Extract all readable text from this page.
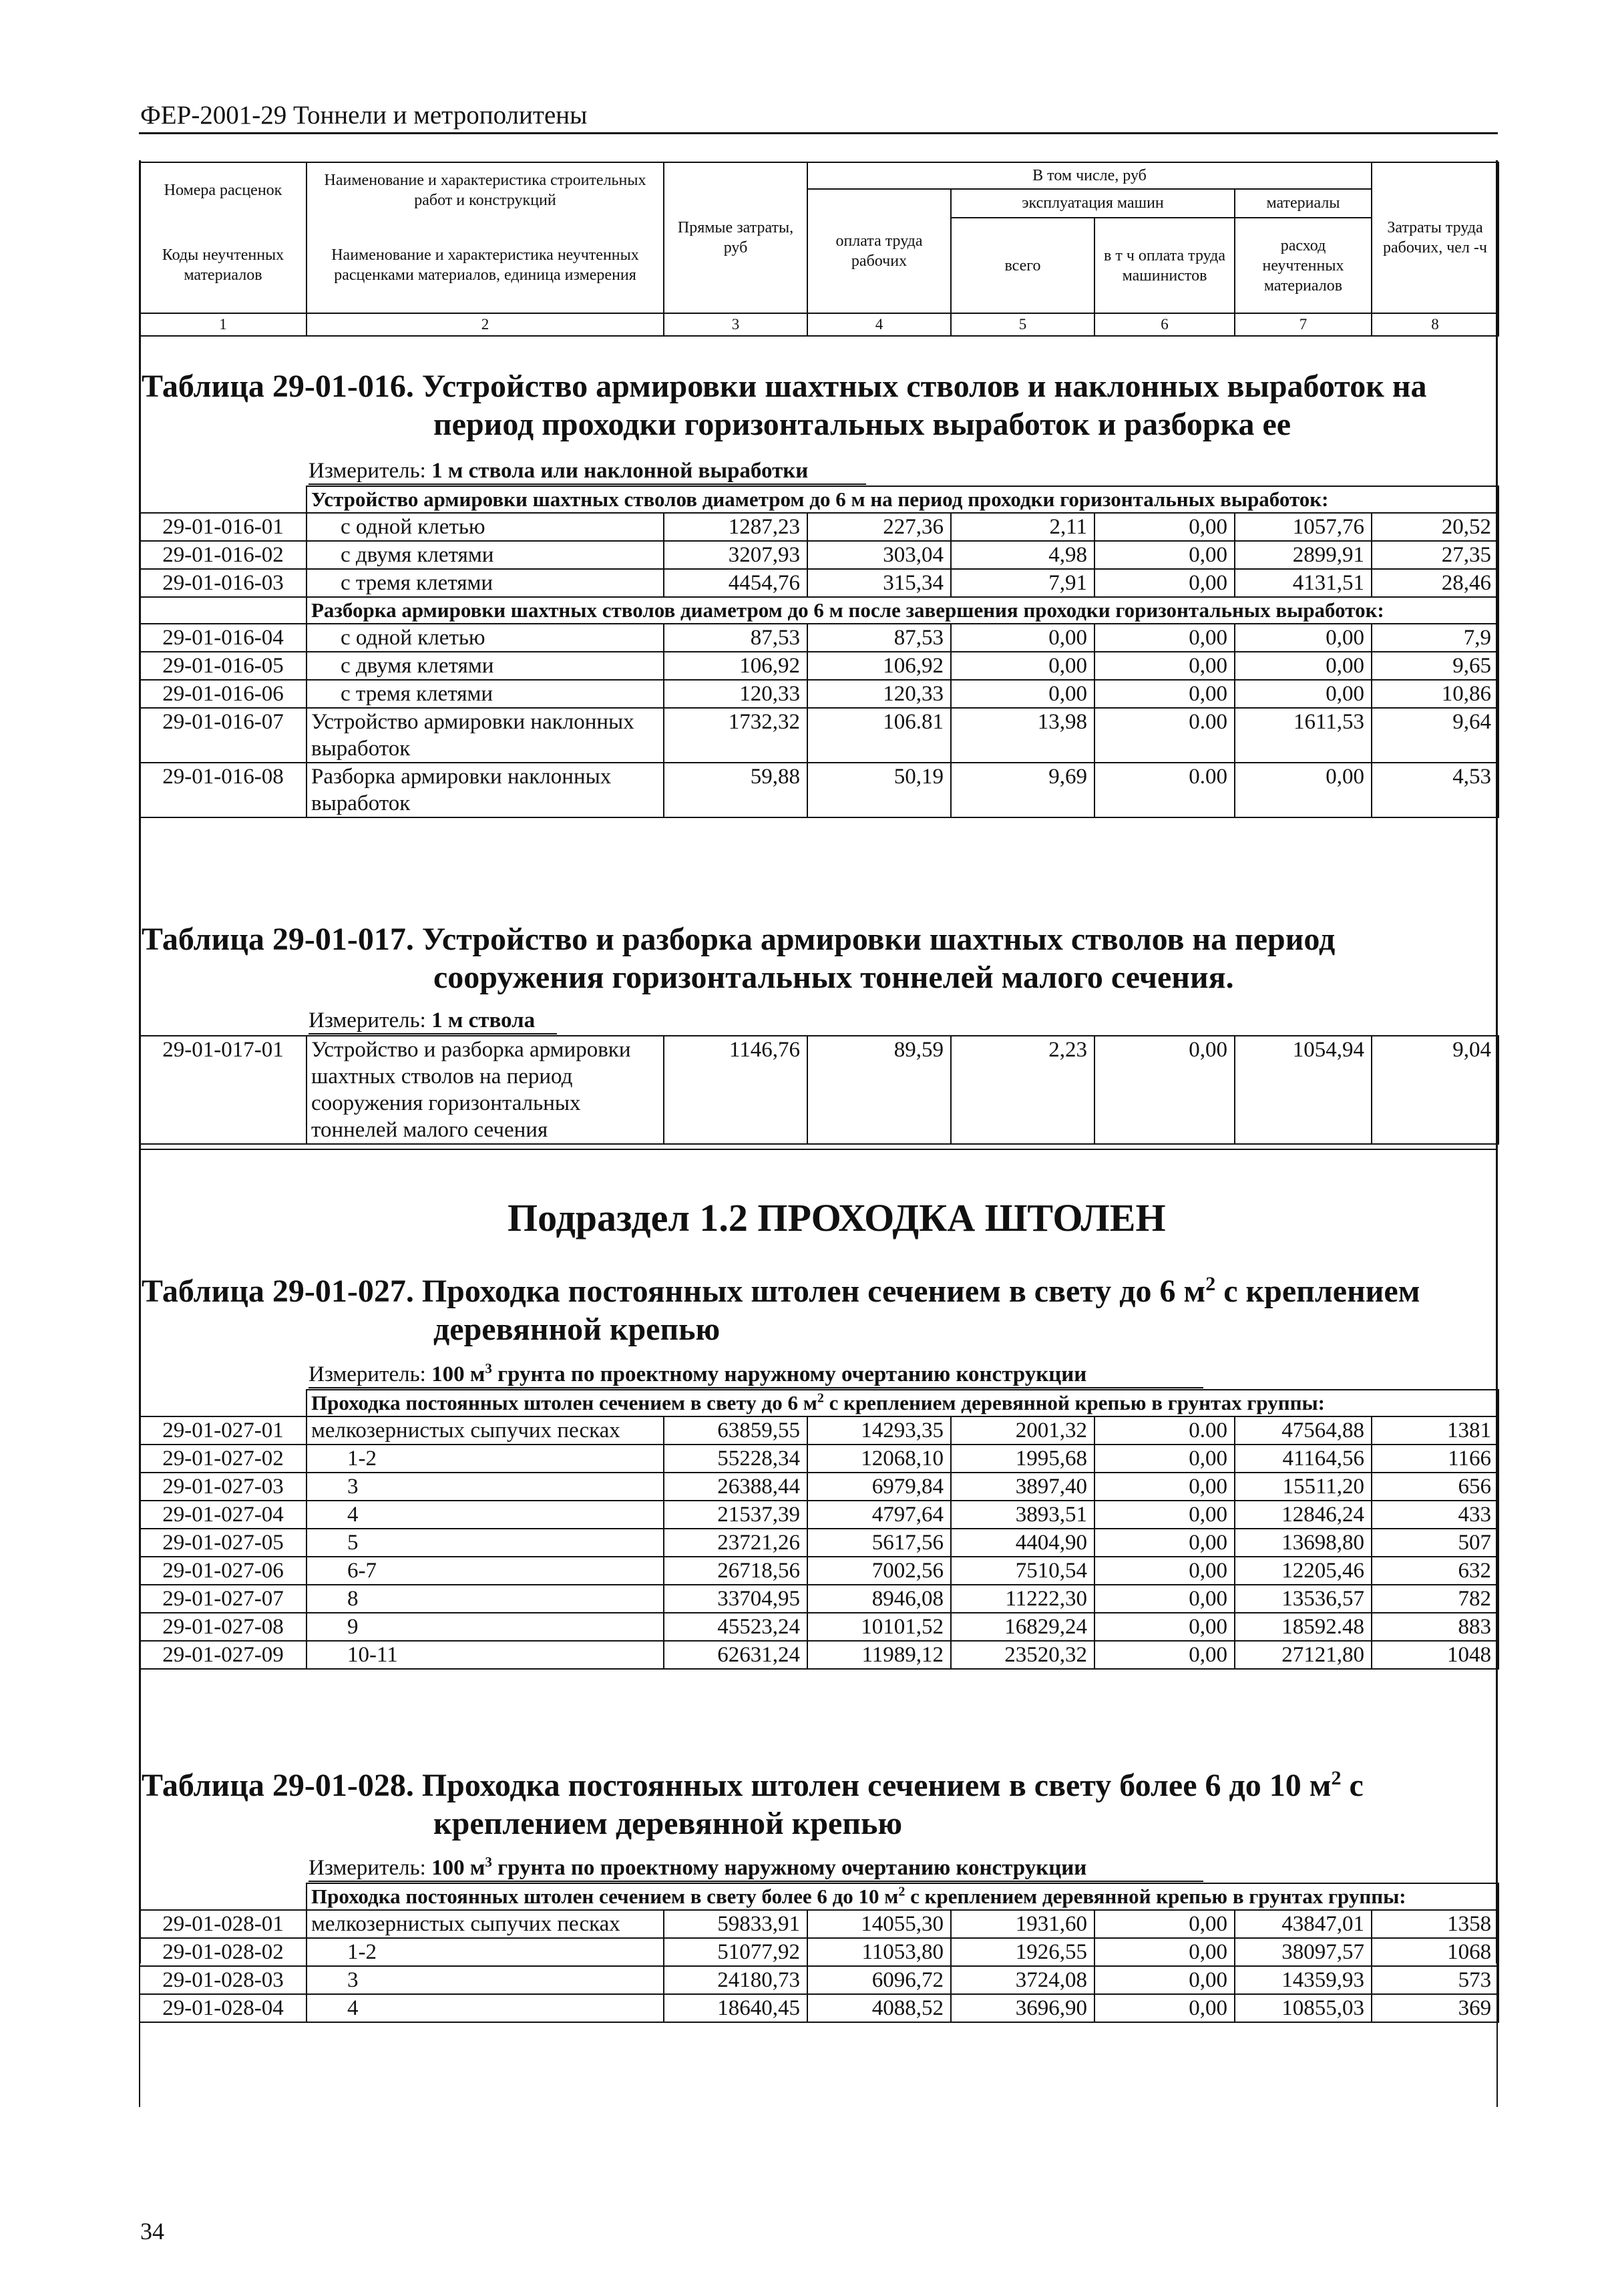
ФЕР-2001-29 Тоннели и метрополитены
Номера расценок	Наименование и характеристика строительных работ и конструкций	Прямые затраты, руб	В том числе, руб				Затраты труда рабочих, чел -ч
			оплата труда рабочих	эксплуатация машин		материалы	
Коды неучтенных материалов	Наименование и характеристика неучтенных расценками материалов, единица измерения			всего	в т ч оплата труда машинистов	расход неучтенных материалов	

1	2	3	4	5	6	7	8
Таблица 29-01-016. Устройство армировки шахтных стволов и наклонных выработок на
период проходки горизонтальных выработок и разборка ее
Измеритель: 1 м ствола или наклонной выработки
	Устройство армировки шахтных стволов диаметром до 6 м на период проходки горизонтальных выработок:						
29-01-016-01	с одной клетью	1287,23	227,36	2,11	0,00	1057,76	20,52
29-01-016-02	с двумя клетями	3207,93	303,04	4,98	0,00	2899,91	27,35
29-01-016-03	с тремя клетями	4454,76	315,34	7,91	0,00	4131,51	28,46
	Разборка армировки шахтных стволов диаметром до 6 м после завершения проходки горизонтальных выработок:						
29-01-016-04	с одной клетью	87,53	87,53	0,00	0,00	0,00	7,9
29-01-016-05	с двумя клетями	106,92	106,92	0,00	0,00	0,00	9,65
29-01-016-06	с тремя клетями	120,33	120,33	0,00	0,00	0,00	10,86
29-01-016-07	Устройство армировки наклонных выработок	1732,32	106.81	13,98	0.00	1611,53	9,64
29-01-016-08	Разборка армировки наклонных выработок	59,88	50,19	9,69	0.00	0,00	4,53
Таблица 29-01-017. Устройство и разборка армировки шахтных стволов на период
сооружения горизонтальных тоннелей малого сечения.
Измеритель: 1 м ствола
29-01-017-01	Устройство и разборка армировки шахтных стволов на период сооружения горизонтальных тоннелей малого сечения	1146,76	89,59	2,23	0,00	1054,94	9,04
Подраздел 1.2 ПРОХОДКА ШТОЛЕН
Таблица 29-01-027. Проходка постоянных штолен сечением в свету до 6 $м^2$ с креплением
деревянной крепью
Измеритель: 100 $м^3$ грунта по проектному наружному очертанию конструкции
	Проходка постоянных штолен сечением в свету до 6 $м^2$ с креплением деревянной крепью в грунтах группы:						
29-01-027-01	мелкозернистых сыпучих песках	63859,55	14293,35	2001,32	0.00	47564,88	1381
29-01-027-02	1-2	55228,34	12068,10	1995,68	0,00	41164,56	1166
29-01-027-03	3	26388,44	6979,84	3897,40	0,00	15511,20	656
29-01-027-04	4	21537,39	4797,64	3893,51	0,00	12846,24	433
29-01-027-05	5	23721,26	5617,56	4404,90	0,00	13698,80	507
29-01-027-06	6-7	26718,56	7002,56	7510,54	0,00	12205,46	632
29-01-027-07	8	33704,95	8946,08	11222,30	0,00	13536,57	782
29-01-027-08	9	45523,24	10101,52	16829,24	0,00	18592.48	883
29-01-027-09	10-11	62631,24	11989,12	23520,32	0,00	27121,80	1048
Таблица 29-01-028. Проходка постоянных штолен сечением в свету более 6 до 10 $м^2$ с
креплением деревянной крепью
Измеритель: 100 $м^3$ грунта по проектному наружному очертанию конструкции
	Проходка постоянных штолен сечением в свету более 6 до 10 $м^2$ с креплением деревянной крепью в грунтах группы:						
29-01-028-01	мелкозернистых сыпучих песках	59833,91	14055,30	1931,60	0,00	43847,01	1358
29-01-028-02	1-2	51077,92	11053,80	1926,55	0,00	38097,57	1068
29-01-028-03	3	24180,73	6096,72	3724,08	0,00	14359,93	573
29-01-028-04	4	18640,45	4088,52	3696,90	0,00	10855,03	369
34
